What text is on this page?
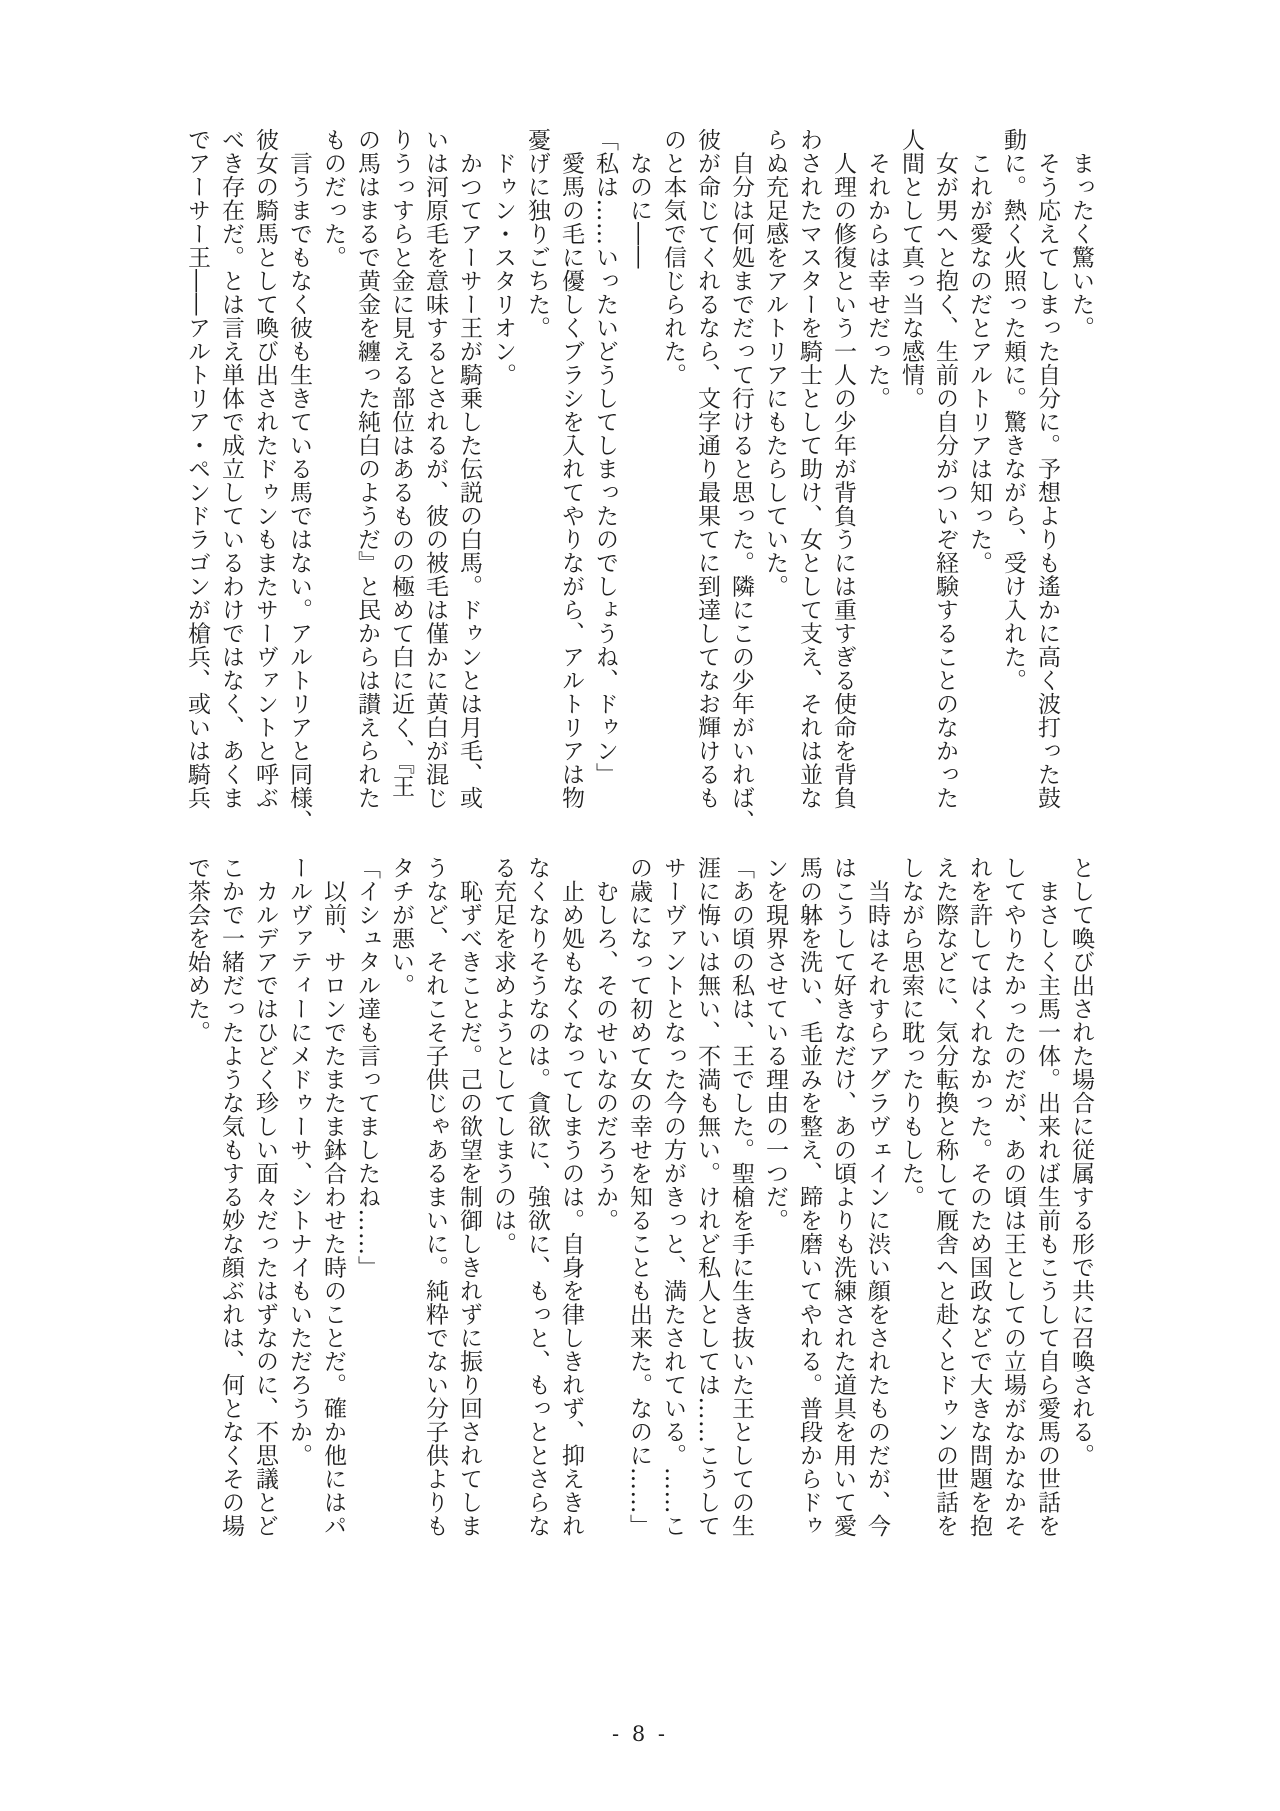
　まったく驚いた。
　そう応えてしまった自分に。予想よりも遙かに高く波打った鼓
動に。熱く火照った頬に。驚きながら、受け入れた。
　これが愛なのだとアルトリアは知った。
　女が男へと抱く、生前の自分がついぞ経験することのなかった
人間として真っ当な感情。
　それからは幸せだった。
　人理の修復という一人の少年が背負うには重すぎる使命を背負
わされたマスターを騎士として助け、女として支え、それは並な
らぬ充足感をアルトリアにもたらしていた。
　自分は何処までだって行けると思った。隣にこの少年がいれば、
彼が命じてくれるなら、文字通り最果てに到達してなお輝けるも
のと本気で信じられた。
　なのに――
「私は……いったいどうしてしまったのでしょうね、ドゥン」
　愛馬の毛に優しくブラシを入れてやりながら、アルトリアは物
憂げに独りごちた。
　ドゥン・スタリオン。
　かつてアーサー王が騎乗した伝説の白馬。ドゥンとは月毛、或
いは河原毛を意味するとされるが、彼の被毛は僅かに黄白が混じ
りうっすらと金に見える部位はあるものの極めて白に近く、『王
の馬はまるで黄金を纏った純白のようだ』と民からは讃えられた
ものだった。
　言うまでもなく彼も生きている馬ではない。アルトリアと同様、
彼女の騎馬として喚び出されたドゥンもまたサーヴァントと呼ぶ
べき存在だ。とは言え単体で成立しているわけではなく、あくま
でアーサー王――アルトリア・ペンドラゴンが槍兵、或いは騎兵
として喚び出された場合に従属する形で共に召喚される。
　まさしく主馬一体。出来れば生前もこうして自ら愛馬の世話を
してやりたかったのだが、あの頃は王としての立場がなかなかそ
れを許してはくれなかった。そのため国政などで大きな問題を抱
えた際などに、気分転換と称して厩舎へと赴くとドゥンの世話を
しながら思索に耽ったりもした。
　当時はそれすらアグラヴェインに渋い顔をされたものだが、今
はこうして好きなだけ、あの頃よりも洗練された道具を用いて愛
馬の躰を洗い、毛並みを整え、蹄を磨いてやれる。普段からドゥ
ンを現界させている理由の一つだ。
「あの頃の私は、王でした。聖槍を手に生き抜いた王としての生
涯に悔いは無い、不満も無い。けれど私人としては……こうして
サーヴァントとなった今の方がきっと、満たされている。……こ
の歳になって初めて女の幸せを知ることも出来た。なのに……」
　むしろ、そのせいなのだろうか。
　止め処もなくなってしまうのは。自身を律しきれず、抑えきれ
なくなりそうなのは。貪欲に、強欲に、もっと、もっととさらな
る充足を求めようとしてしまうのは。
　恥ずべきことだ。己の欲望を制御しきれずに振り回されてしま
うなど、それこそ子供じゃあるまいに。純粋でない分子供よりも
タチが悪い。
「イシュタル達も言ってましたね……」
　以前、サロンでたまたま鉢合わせた時のことだ。確か他にはパ
ールヴァティーにメドゥーサ、シトナイもいただろうか。
　カルデアではひどく珍しい面々だったはずなのに、不思議とど
こかで一緒だったような気もする妙な顔ぶれは、何となくその場
で茶会を始めた。
- 8 -
